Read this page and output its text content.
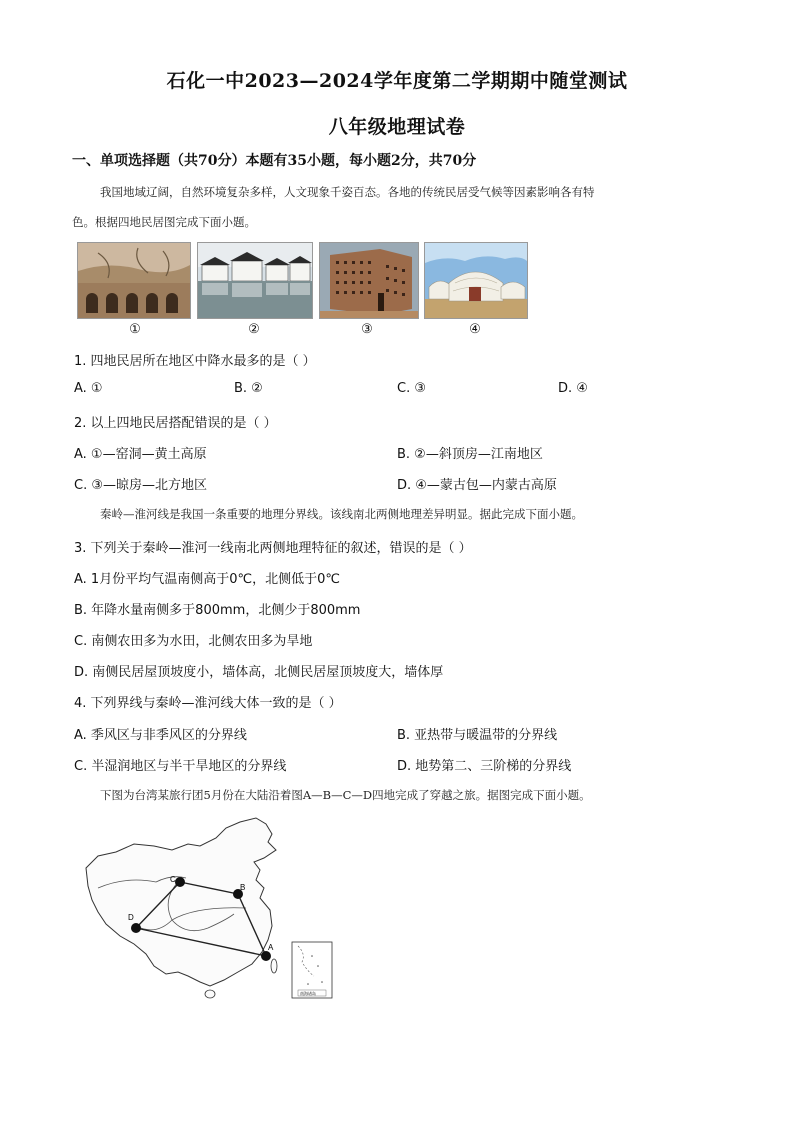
石化一中2023—2024学年度第二学期期中随堂测试
八年级地理试卷
一、单项选择题（共70分）本题有35小题，每小题2分，共70分
我国地域辽阔，自然环境复杂多样，人文现象千姿百态。各地的传统民居受气候等因素影响各有特
色。根据四地民居图完成下面小题。
①	②	③	④
1. 四地民居所在地区中降水最多的是（ ）
A. ①	B. ②	C. ③	D. ④
2. 以上四地民居搭配错误的是（ ）
A. ①—窑洞—黄土高原	B. ②—斜顶房—江南地区
C. ③—晾房—北方地区	D. ④—蒙古包—内蒙古高原
秦岭—淮河线是我国一条重要的地理分界线。该线南北两侧地理差异明显。据此完成下面小题。
3. 下列关于秦岭—淮河一线南北两侧地理特征的叙述，错误的是（ ）
A. 1月份平均气温南侧高于0℃，北侧低于0℃
B. 年降水量南侧多于800mm，北侧少于800mm
C. 南侧农田多为水田，北侧农田多为旱地
D. 南侧民居屋顶坡度小，墙体高，北侧民居屋顶坡度大，墙体厚
4. 下列界线与秦岭—淮河线大体一致的是（ ）
A. 季风区与非季风区的分界线	B. 亚热带与暖温带的分界线
C. 半湿润地区与半干旱地区的分界线	D. 地势第二、三阶梯的分界线
下图为台湾某旅行团5月份在大陆沿着图A—B—C—D四地完成了穿越之旅。据图完成下面小题。
C
B
A
D
南海诸岛
